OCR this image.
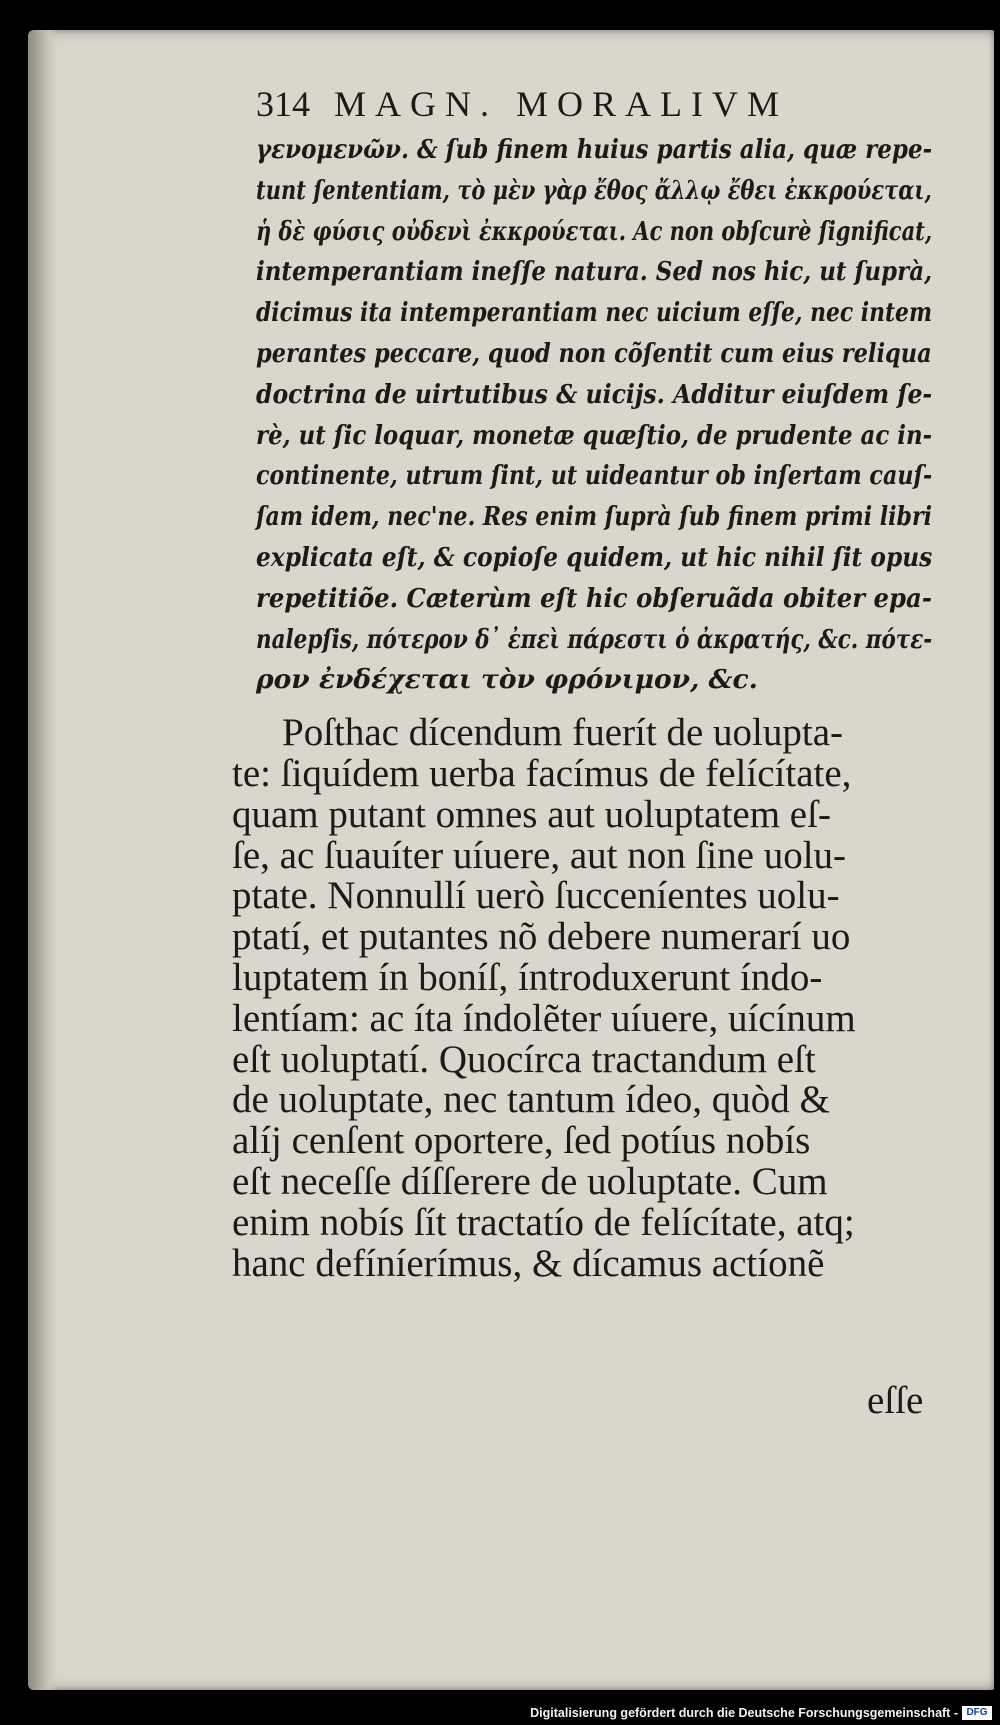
314 MAGN. MORALIVM
γενομενῶν. & ſub finem huius partis alia, quæ repe-
tunt ſententiam, τὸ μὲν γὰρ ἔθος ἄλλῳ ἔθει ἐκκρούεται,
ἡ δὲ φύσις οὐδενὶ ἐκκρούεται. Ac non obſcurè ſignificat,
intemperantiam ineſſe natura. Sed nos hic, ut ſuprà,
dicimus ita intemperantiam nec uicium eſſe, nec intem
perantes peccare, quod non cõſentit cum eius reliqua
doctrina de uirtutibus & uicijs. Additur eiuſdem ſe-
rè, ut ſic loquar, monetæ quæſtio, de prudente ac in-
continente, utrum ſint, ut uideantur ob inſertam cauſ-
ſam idem, nec'ne. Res enim ſuprà ſub finem primi libri
explicata eſt, & copioſe quidem, ut hic nihil ſit opus
repetitiõe. Cæterùm eſt hic obſeruãda obiter epa-
nalepſis, πότερον δ᾽ ἐπεὶ πάρεστι ὁ ἀκρατής, &c. πότε-
ρον ἐνδέχεται τὸν φρόνιμον, &c.
Poſthac dícendum fuerít de uolupta-
te: ſiquídem uerba facímus de felícítate,
quam putant omnes aut uoluptatem eſ-
ſe, ac ſuauíter uíuere, aut non ſine uolu-
ptate. Nonnullí uerò ſucceníentes uolu-
ptatí, et putantes nõ debere numerarí uo
luptatem ín boníſ, íntroduxerunt índo-
lentíam: ac íta índolẽter uíuere, uícínum
eſt uoluptatí. Quocírca tractandum eſt
de uoluptate, nec tantum ídeo, quòd &
alíj cenſent oportere, ſed potíus nobís
eſt neceſſe díſſerere de uoluptate. Cum
enim nobís ſít tractatío de felícítate, atq;
hanc defíníerímus, & dícamus actíonẽ
eſſe
Digitalisierung gefördert durch die Deutsche Forschungsgemeinschaft - DFG
